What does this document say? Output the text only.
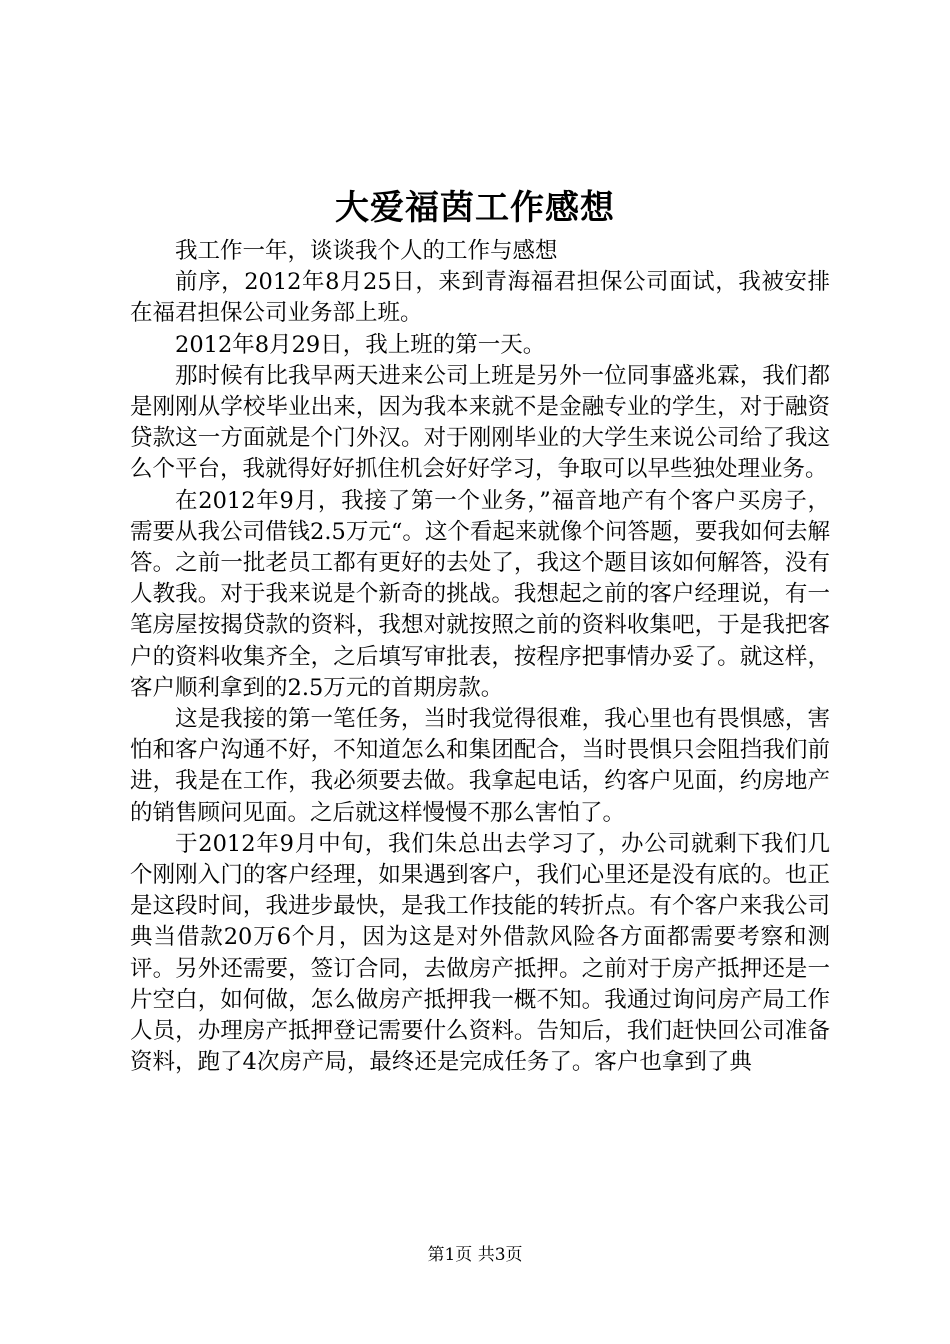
大爱福茵工作感想

我工作一年，谈谈我个人的工作与感想

前序，2012年8月25日，来到青海福君担保公司面试，我被安排在福君担保公司业务部上班。

2012年8月29日，我上班的第一天。

那时候有比我早两天进来公司上班是另外一位同事盛兆霖，我们都是刚刚从学校毕业出来，因为我本来就不是金融专业的学生，对于融资贷款这一方面就是个门外汉。对于刚刚毕业的大学生来说公司给了我这么个平台，我就得好好抓住机会好好学习，争取可以早些独处理业务。

在2012年9月，我接了第一个业务，”福音地产有个客户买房子，需要从我公司借钱2.5万元“。这个看起来就像个问答题，要我如何去解答。之前一批老员工都有更好的去处了，我这个题目该如何解答，没有人教我。对于我来说是个新奇的挑战。我想起之前的客户经理说，有一笔房屋按揭贷款的资料，我想对就按照之前的资料收集吧，于是我把客户的资料收集齐全，之后填写审批表，按程序把事情办妥了。就这样，客户顺利拿到的2.5万元的首期房款。

这是我接的第一笔任务，当时我觉得很难，我心里也有畏惧感，害怕和客户沟通不好，不知道怎么和集团配合，当时畏惧只会阻挡我们前进，我是在工作，我必须要去做。我拿起电话，约客户见面，约房地产的销售顾问见面。之后就这样慢慢不那么害怕了。

于2012年9月中旬，我们朱总出去学习了，办公司就剩下我们几个刚刚入门的客户经理，如果遇到客户，我们心里还是没有底的。也正是这段时间，我进步最快，是我工作技能的转折点。有个客户来我公司典当借款20万6个月，因为这是对外借款风险各方面都需要考察和测评。另外还需要，签订合同，去做房产抵押。之前对于房产抵押还是一片空白，如何做，怎么做房产抵押我一概不知。我通过询问房产局工作人员，办理房产抵押登记需要什么资料。告知后，我们赶快回公司准备资料，跑了4次房产局，最终还是完成任务了。客户也拿到了典

第1页 共3页
